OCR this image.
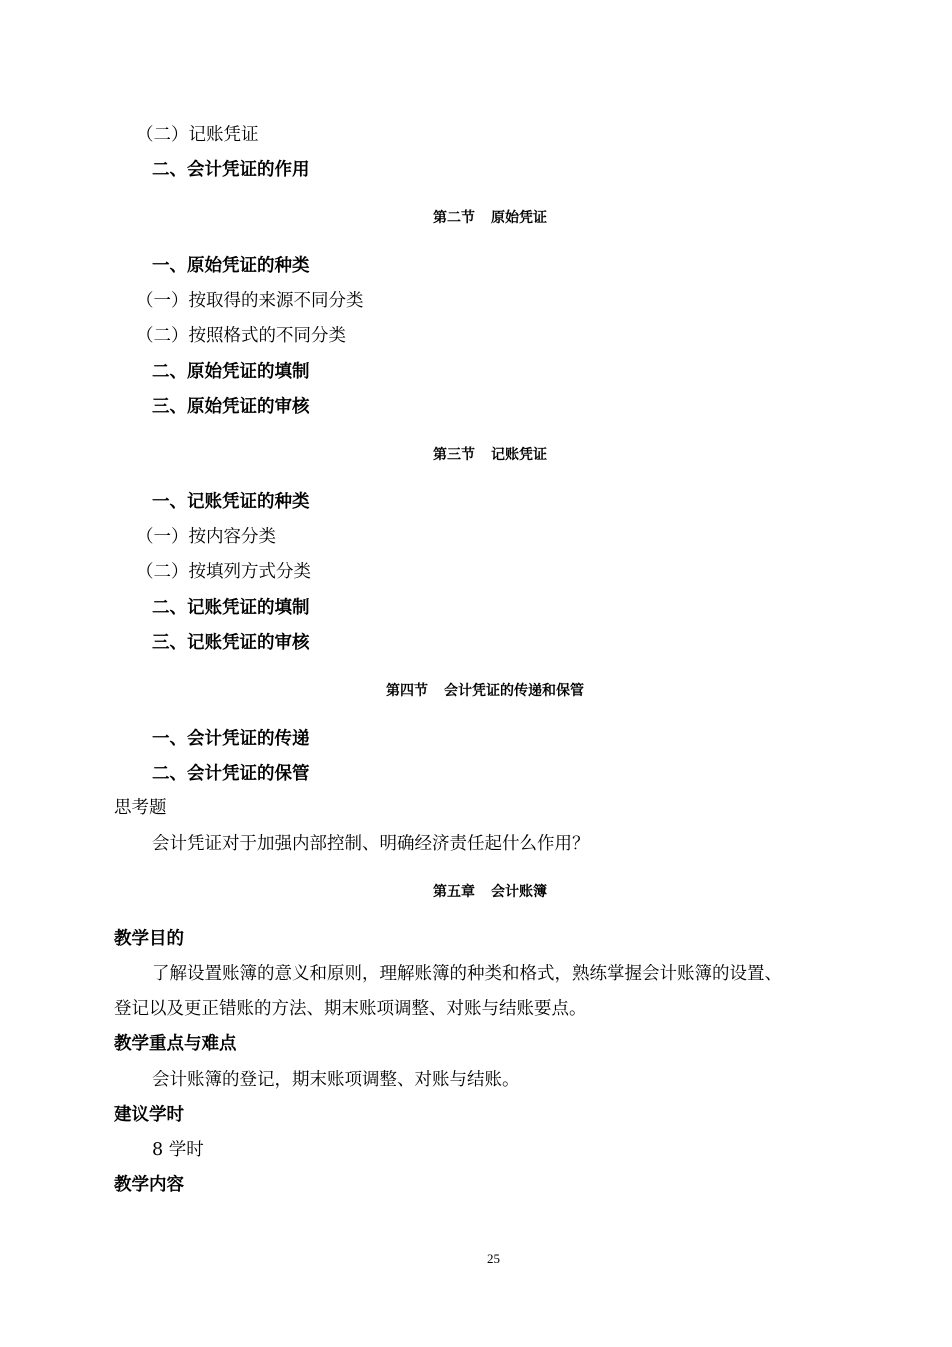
（二）记账凭证
二、会计凭证的作用
第二节 原始凭证
一、原始凭证的种类
（一）按取得的来源不同分类
（二）按照格式的不同分类
二、原始凭证的填制
三、原始凭证的审核
第三节 记账凭证
一、记账凭证的种类
（一）按内容分类
（二）按填列方式分类
二、记账凭证的填制
三、记账凭证的审核
第四节 会计凭证的传递和保管
一、会计凭证的传递
二、会计凭证的保管
思考题
会计凭证对于加强内部控制、明确经济责任起什么作用？
第五章 会计账簿
教学目的
了解设置账簿的意义和原则，理解账簿的种类和格式，熟练掌握会计账簿的设置、
登记以及更正错账的方法、期末账项调整、对账与结账要点。
教学重点与难点
会计账簿的登记，期末账项调整、对账与结账。
建议学时
8 学时
教学内容
25
